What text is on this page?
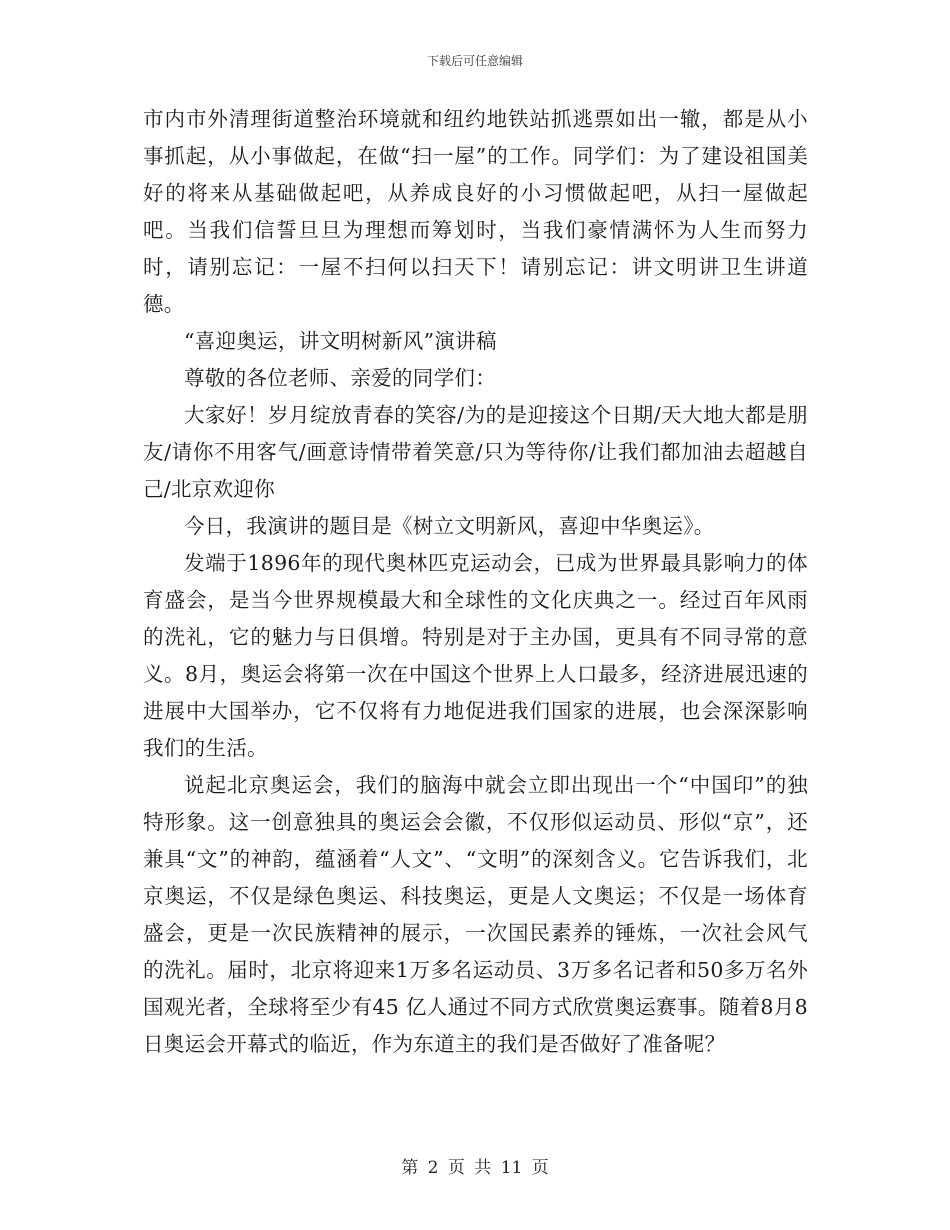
下载后可任意编辑

市内市外清理街道整治环境就和纽约地铁站抓逃票如出一辙，都是从小事抓起，从小事做起，在做“扫一屋”的工作。同学们：为了建设祖国美好的将来从基础做起吧，从养成良好的小习惯做起吧，从扫一屋做起吧。当我们信誓旦旦为理想而筹划时，当我们豪情满怀为人生而努力时，请别忘记：一屋不扫何以扫天下！请别忘记：讲文明讲卫生讲道德。

“喜迎奥运，讲文明树新风”演讲稿

尊敬的各位老师、亲爱的同学们：

大家好！岁月绽放青春的笑容/为的是迎接这个日期/天大地大都是朋友/请你不用客气/画意诗情带着笑意/只为等待你/让我们都加油去超越自己/北京欢迎你

今日，我演讲的题目是《树立文明新风，喜迎中华奥运》。

发端于1896年的现代奥林匹克运动会，已成为世界最具影响力的体育盛会，是当今世界规模最大和全球性的文化庆典之一。经过百年风雨的洗礼，它的魅力与日俱增。特别是对于主办国，更具有不同寻常的意义。8月，奥运会将第一次在中国这个世界上人口最多，经济进展迅速的进展中大国举办，它不仅将有力地促进我们国家的进展，也会深深影响我们的生活。

说起北京奥运会，我们的脑海中就会立即出现出一个“中国印”的独特形象。这一创意独具的奥运会会徽，不仅形似运动员、形似“京”，还兼具“文”的神韵，蕴涵着“人文”、“文明”的深刻含义。它告诉我们，北京奥运，不仅是绿色奥运、科技奥运，更是人文奥运；不仅是一场体育盛会，更是一次民族精神的展示，一次国民素养的锤炼，一次社会风气的洗礼。届时，北京将迎来1万多名运动员、3万多名记者和50多万名外国观光者，全球将至少有45 亿人通过不同方式欣赏奥运赛事。随着8月8日奥运会开幕式的临近，作为东道主的我们是否做好了准备呢？

第 2 页 共 11 页
